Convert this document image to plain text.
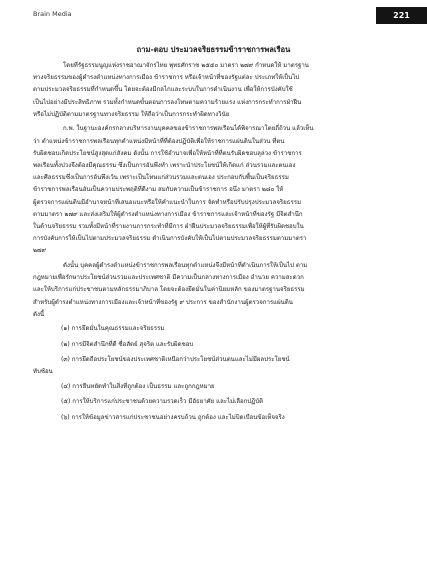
Brain Media	221
ถาม-ตอบ ประมวลจริยธรรมข้าราชการพลเรือน
โดยที่รัฐธรรมนูญแห่งราชอาณาจักรไทย พุทธศักราช ๒๕๕๐ มาตรา ๒๗๙ กำหนดให้ มาตรฐาน
ทางจริยธรรมของผู้ดำรงตำแหน่งทางการเมือง ข้าราชการ หรือเจ้าหน้าที่ของรัฐแต่ละ ประเภทให้เป็นไป
ตามประมวลจริยธรรมที่กำหนดขึ้น โดยจะต้องมีกลไกและระบบในการดำเนินงาน เพื่อให้การบังคับใช้
เป็นไปอย่างมีประสิทธิภาพ รวมทั้งกำหนดขั้นตอนการลงโทษตามความร้ายแรง แห่งการกระทำการฝ่าฝืน
หรือไม่ปฏิบัติตามมาตรฐานทางจริยธรรม ให้ถือว่าเป็นการกระทำผิดทางวินัย
ก.พ. ในฐานะองค์กรกลางบริหารงานบุคคลของข้าราชการพลเรือนได้พิจารณาโดยถี่ถ้วน แล้วเห็น
ว่า ตำแหน่งข้าราชการพลเรือนทุกตำแหน่งมีหน้าที่ที่ต้องปฏิบัติเพื่อให้ราชการแผ่นดินในส่วน ที่ตน
รับผิดชอบเกิดประโยชน์สูงสุดแก่สังคม ดังนั้น การใช้อำนาจเพื่อให้หน้าที่ที่ตนรับผิดชอบลุล่วง ข้าราชการ
พลเรือนทั้งปวงจึงต้องมีคุณธรรม ซึ่งเป็นการอันพึงทำ เพราะนำประโยชน์ให้เกิดแก่ ส่วนรวมและตนเอง
และศีลธรรมซึ่งเป็นการอันพึงเว้น เพราะเป็นโทษแก่ส่วนรวมและตนเอง ประกอบกับพื้นเป็นจริยธรรม
ข้าราชการพลเรือนอันเป็นความประพฤติที่ดีงาม สมกับความเป็นข้าราชการ อนึ่ง มาตรา ๒๘๐ ให้
ผู้ตรวจการแผ่นดินมีอำนาจหน้าที่เสนอแนะหรือให้คำแนะนำในการ จัดทำหรือปรับปรุงประมวลจริยธรรม
ตามมาตรา ๒๗๙ และส่งเสริมให้ผู้ดำรงตำแหน่งทางการเมือง ข้าราชการและเจ้าหน้าที่ของรัฐ มีจิตสำนึก
ในด้านจริยธรรม รวมทั้งมีหน้าที่รายงานการกระทำที่มีการ ฝ่าฝืนประมวลจริยธรรมเพื่อให้ผู้ที่รับผิดชอบใน
การบังคับการให้เป็นไปตามประมวลจริยธรรม ดำเนินการบังคับให้เป็นไปตามประมวลจริยธรรมตามมาตรา
๒๗๙
ดังนั้น บุคคลผู้ดำรงตำแหน่งข้าราชการพลเรือนทุกตำแหน่งจึงมีหน้าที่ดำเนินการให้เป็นไป ตาม
กฎหมายเพื่อรักษาประโยชน์ส่วนรวมและประเทศชาติ มีความเป็นกลางทางการเมือง อำนวย ความสะดวก
และให้บริการแก่ประชาชนตามหลักธรรมาภิบาล โดยจะต้องยึดมั่นในค่านิยมหลัก ของมาตรฐานจริยธรรม
สำหรับผู้ดำรงตำแหน่งทางการเมืองและเจ้าหน้าที่ของรัฐ ๙ ประการ ของสำนักงานผู้ตรวจการแผ่นดิน
ดังนี้
(๑) การยึดมั่นในคุณธรรมและจริยธรรม
(๒) การมีจิตสำนึกที่ดี ซื่อสัตย์ สุจริต และรับผิดชอบ
(๓) การยึดถือประโยชน์ของประเทศชาติเหนือกว่าประโยชน์ส่วนตนและไม่มีผลประโยชน์
ทับซ้อน
(๔) การยืนหยัดทำในสิ่งที่ถูกต้อง เป็นธรรม และถูกกฎหมาย
(๕) การให้บริการแก่ประชาชนด้วยความรวดเร็ว มีอัธยาศัย และไม่เลือกปฏิบัติ
(๖) การให้ข้อมูลข่าวสารแก่ประชาชนอย่างครบถ้วน ถูกต้อง และไม่บิดเบือนข้อเท็จจริง
